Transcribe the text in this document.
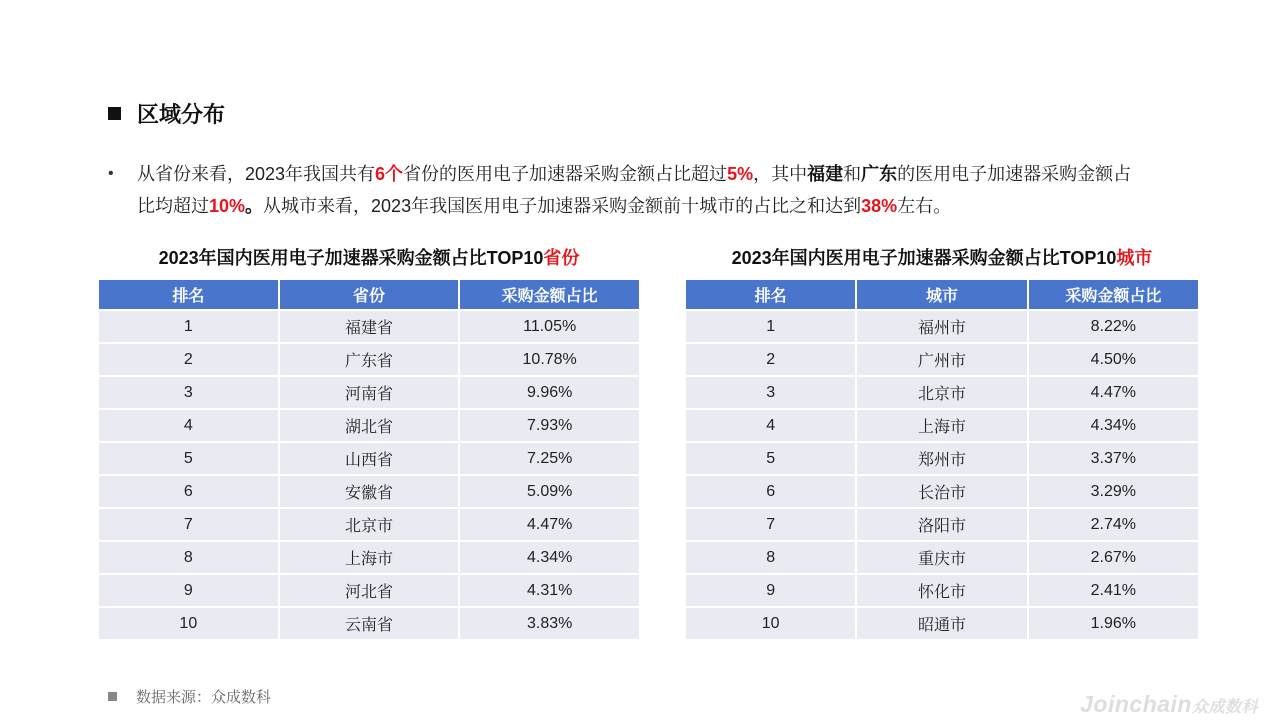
区域分布
• 从省份来看，2023年我国共有6个省份的医用电子加速器采购金额占比超过5%，其中福建和广东的医用电子加速器采购金额占
比均超过10%。从城市来看，2023年我国医用电子加速器采购金额前十城市的占比之和达到38%左右。
2023年国内医用电子加速器采购金额占比TOP10省份	2023年国内医用电子加速器采购金额占比TOP10城市
排名	省份	采购金额占比
1	福建省	11.05%
2	广东省	10.78%
3	河南省	9.96%
4	湖北省	7.93%
5	山西省	7.25%
6	安徽省	5.09%
7	北京市	4.47%
8	上海市	4.34%
9	河北省	4.31%
10	云南省	3.83%
排名	城市	采购金额占比
1	福州市	8.22%
2	广州市	4.50%
3	北京市	4.47%
4	上海市	4.34%
5	郑州市	3.37%
6	长治市	3.29%
7	洛阳市	2.74%
8	重庆市	2.67%
9	怀化市	2.41%
10	昭通市	1.96%
数据来源：众成数科	Joinchain众成数科
